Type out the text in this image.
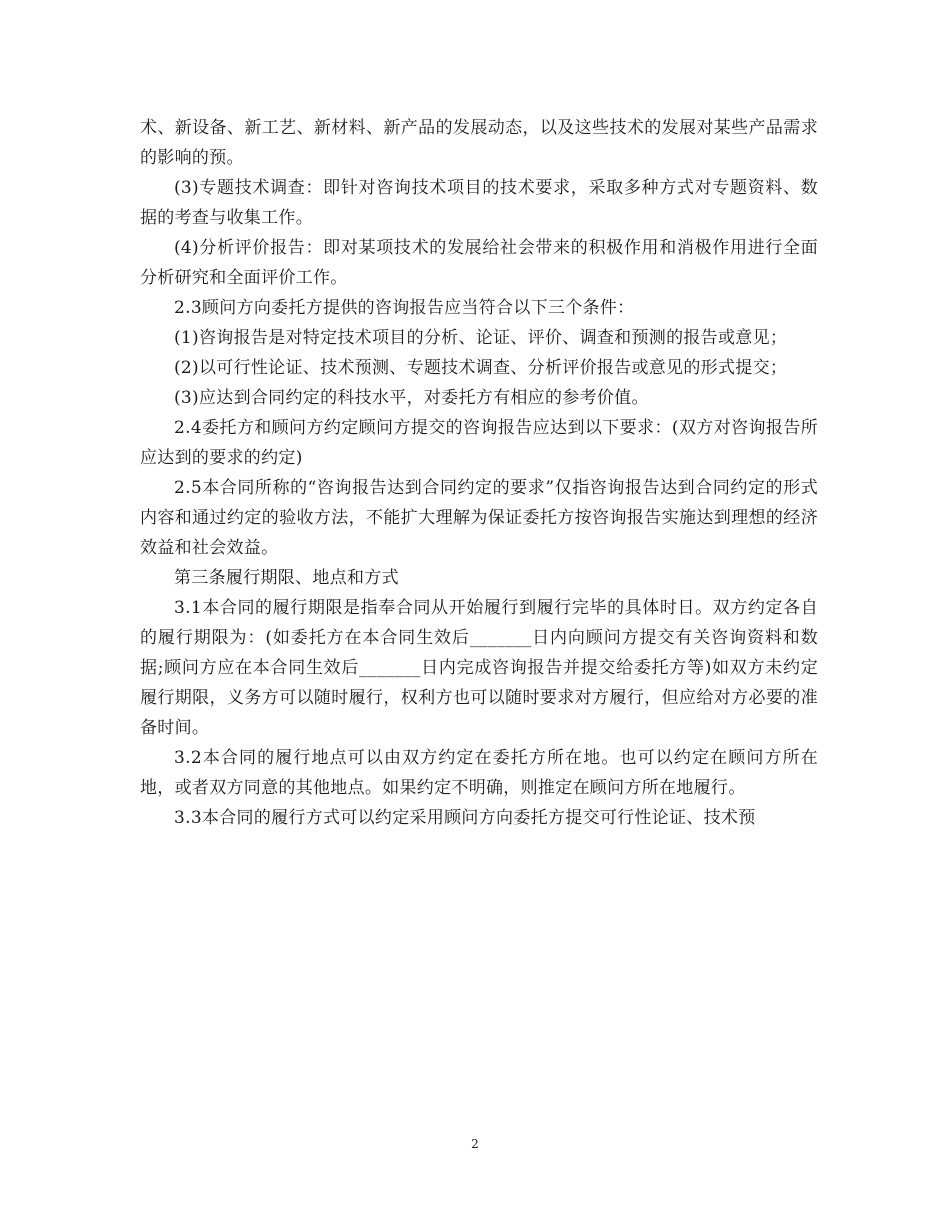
术、新设备、新工艺、新材料、新产品的发展动态，以及这些技术的发展对某些产品需求的影响的预。

(3)专题技术调查：即针对咨询技术项目的技术要求，采取多种方式对专题资料、数据的考查与收集工作。

(4)分析评价报告：即对某项技术的发展给社会带来的积极作用和消极作用进行全面分析研究和全面评价工作。

2.3顾问方向委托方提供的咨询报告应当符合以下三个条件：

(1)咨询报告是对特定技术项目的分析、论证、评价、调查和预测的报告或意见；

(2)以可行性论证、技术预测、专题技术调查、分析评价报告或意见的形式提交；

(3)应达到合同约定的科技水平，对委托方有相应的参考价值。

2.4委托方和顾问方约定顾问方提交的咨询报告应达到以下要求：(双方对咨询报告所应达到的要求的约定)

2.5本合同所称的“咨询报告达到合同约定的要求”仅指咨询报告达到合同约定的形式内容和通过约定的验收方法，不能扩大理解为保证委托方按咨询报告实施达到理想的经济效益和社会效益。

第三条履行期限、地点和方式

3.1本合同的履行期限是指奉合同从开始履行到履行完毕的具体时日。双方约定各自的履行期限为：(如委托方在本合同生效后_______日内向顾问方提交有关咨询资料和数据;顾问方应在本合同生效后_______日内完成咨询报告并提交给委托方等)如双方未约定履行期限，义务方可以随时履行，权利方也可以随时要求对方履行，但应给对方必要的准备时间。

3.2本合同的履行地点可以由双方约定在委托方所在地。也可以约定在顾问方所在地，或者双方同意的其他地点。如果约定不明确，则推定在顾问方所在地履行。

3.3本合同的履行方式可以约定采用顾问方向委托方提交可行性论证、技术预

2
